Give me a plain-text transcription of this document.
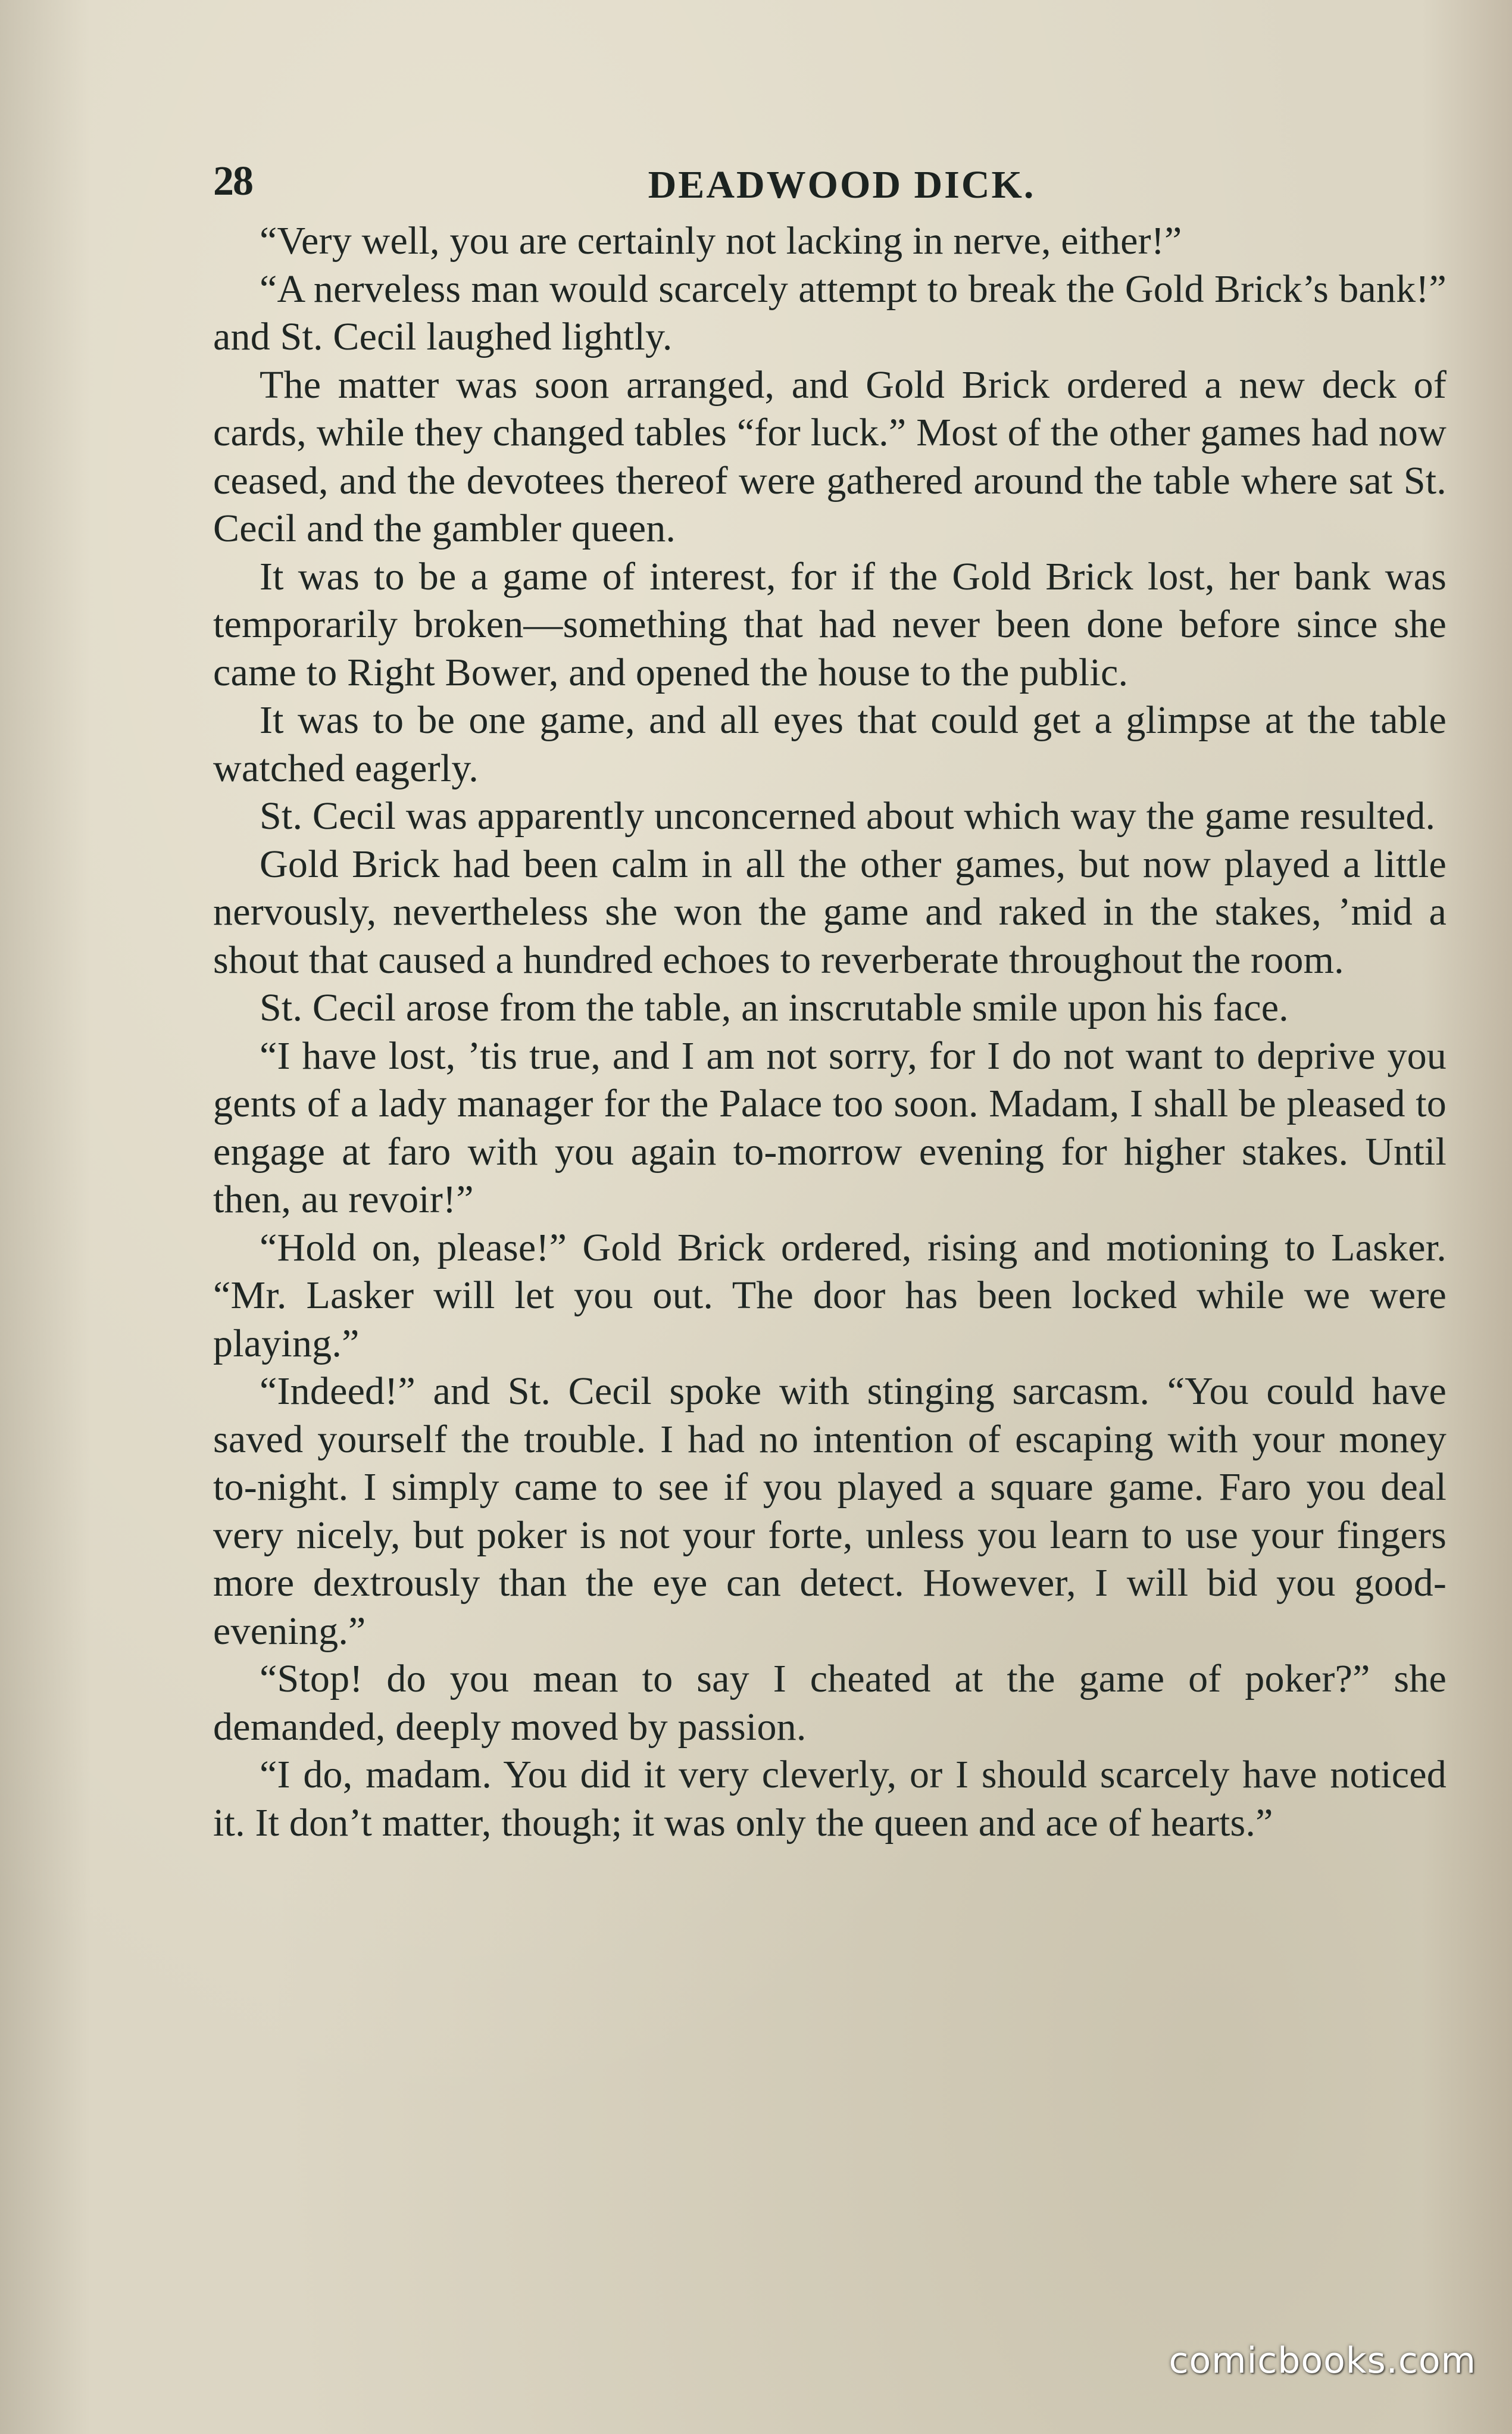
28	DEADWOOD DICK.

“Very well, you are certainly not lacking in nerve, either!”

“A nerveless man would scarcely attempt to break the Gold Brick’s bank!” and St. Cecil laughed lightly.

The matter was soon arranged, and Gold Brick ordered a new deck of cards, while they changed tables “for luck.” Most of the other games had now ceased, and the devotees thereof were gathered around the table where sat St. Cecil and the gambler queen.

It was to be a game of interest, for if the Gold Brick lost, her bank was temporarily broken—something that had never been done before since she came to Right Bower, and opened the house to the public.

It was to be one game, and all eyes that could get a glimpse at the table watched eagerly.

St. Cecil was apparently unconcerned about which way the game resulted.

Gold Brick had been calm in all the other games, but now played a little nervously, nevertheless she won the game and raked in the stakes, ’mid a shout that caused a hundred echoes to reverberate throughout the room.

St. Cecil arose from the table, an inscrutable smile upon his face.

“I have lost, ’tis true, and I am not sorry, for I do not want to deprive you gents of a lady manager for the Palace too soon. Madam, I shall be pleased to engage at faro with you again to-morrow evening for higher stakes. Until then, au revoir!”

“Hold on, please!” Gold Brick ordered, rising and motioning to Lasker. “Mr. Lasker will let you out. The door has been locked while we were playing.”

“Indeed!” and St. Cecil spoke with stinging sarcasm. “You could have saved yourself the trouble. I had no intention of escaping with your money to-night. I simply came to see if you played a square game. Faro you deal very nicely, but poker is not your forte, unless you learn to use your fingers more dextrously than the eye can detect. However, I will bid you good-evening.”

“Stop! do you mean to say I cheated at the game of poker?” she demanded, deeply moved by passion.

“I do, madam. You did it very cleverly, or I should scarcely have noticed it. It don’t matter, though; it was only the queen and ace of hearts.”

comicbooks.com
